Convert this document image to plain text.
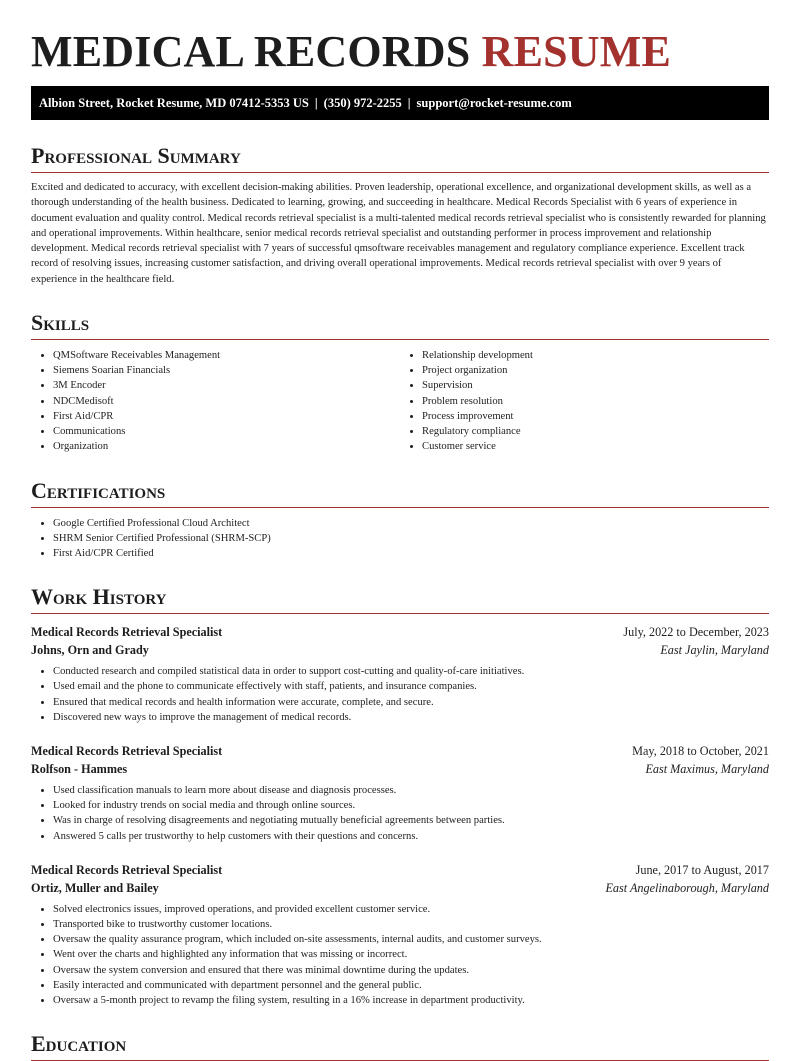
MEDICAL RECORDS RESUME
Albion Street, Rocket Resume, MD 07412-5353 US | (350) 972-2255 | support@rocket-resume.com
Professional Summary

Excited and dedicated to accuracy, with excellent decision-making abilities. Proven leadership, operational excellence, and organizational development skills, as well as a thorough understanding of the health business. Dedicated to learning, growing, and succeeding in healthcare. Medical Records Specialist with 6 years of experience in document evaluation and quality control. Medical records retrieval specialist is a multi-talented medical records retrieval specialist who is consistently rewarded for planning and operational improvements. Within healthcare, senior medical records retrieval specialist and outstanding performer in process improvement and relationship development. Medical records retrieval specialist with 7 years of successful qmsoftware receivables management and regulatory compliance experience. Excellent track record of resolving issues, increasing customer satisfaction, and driving overall operational improvements. Medical records retrieval specialist with over 9 years of experience in the healthcare field.

Skills
• QMSoftware Receivables Management
• Siemens Soarian Financials
• 3M Encoder
• NDCMedisoft
• First Aid/CPR
• Communications
• Organization
• Relationship development
• Project organization
• Supervision
• Problem resolution
• Process improvement
• Regulatory compliance
• Customer service
Certifications
• Google Certified Professional Cloud Architect
• SHRM Senior Certified Professional (SHRM-SCP)
• First Aid/CPR Certified
Work History
Medical Records Retrieval Specialist	July, 2022 to December, 2023
Johns, Orn and Grady	East Jaylin, Maryland
• Conducted research and compiled statistical data in order to support cost-cutting and quality-of-care initiatives.
• Used email and the phone to communicate effectively with staff, patients, and insurance companies.
• Ensured that medical records and health information were accurate, complete, and secure.
• Discovered new ways to improve the management of medical records.
Medical Records Retrieval Specialist	May, 2018 to October, 2021
Rolfson - Hammes	East Maximus, Maryland
• Used classification manuals to learn more about disease and diagnosis processes.
• Looked for industry trends on social media and through online sources.
• Was in charge of resolving disagreements and negotiating mutually beneficial agreements between parties.
• Answered 5 calls per trustworthy to help customers with their questions and concerns.
Medical Records Retrieval Specialist	June, 2017 to August, 2017
Ortiz, Muller and Bailey	East Angelinaborough, Maryland
• Solved electronics issues, improved operations, and provided excellent customer service.
• Transported bike to trustworthy customer locations.
• Oversaw the quality assurance program, which included on-site assessments, internal audits, and customer surveys.
• Went over the charts and highlighted any information that was missing or incorrect.
• Oversaw the system conversion and ensured that there was minimal downtime during the updates.
• Easily interacted and communicated with department personnel and the general public.
• Oversaw a 5-month project to revamp the filing system, resulting in a 16% increase in department productivity.
Education
